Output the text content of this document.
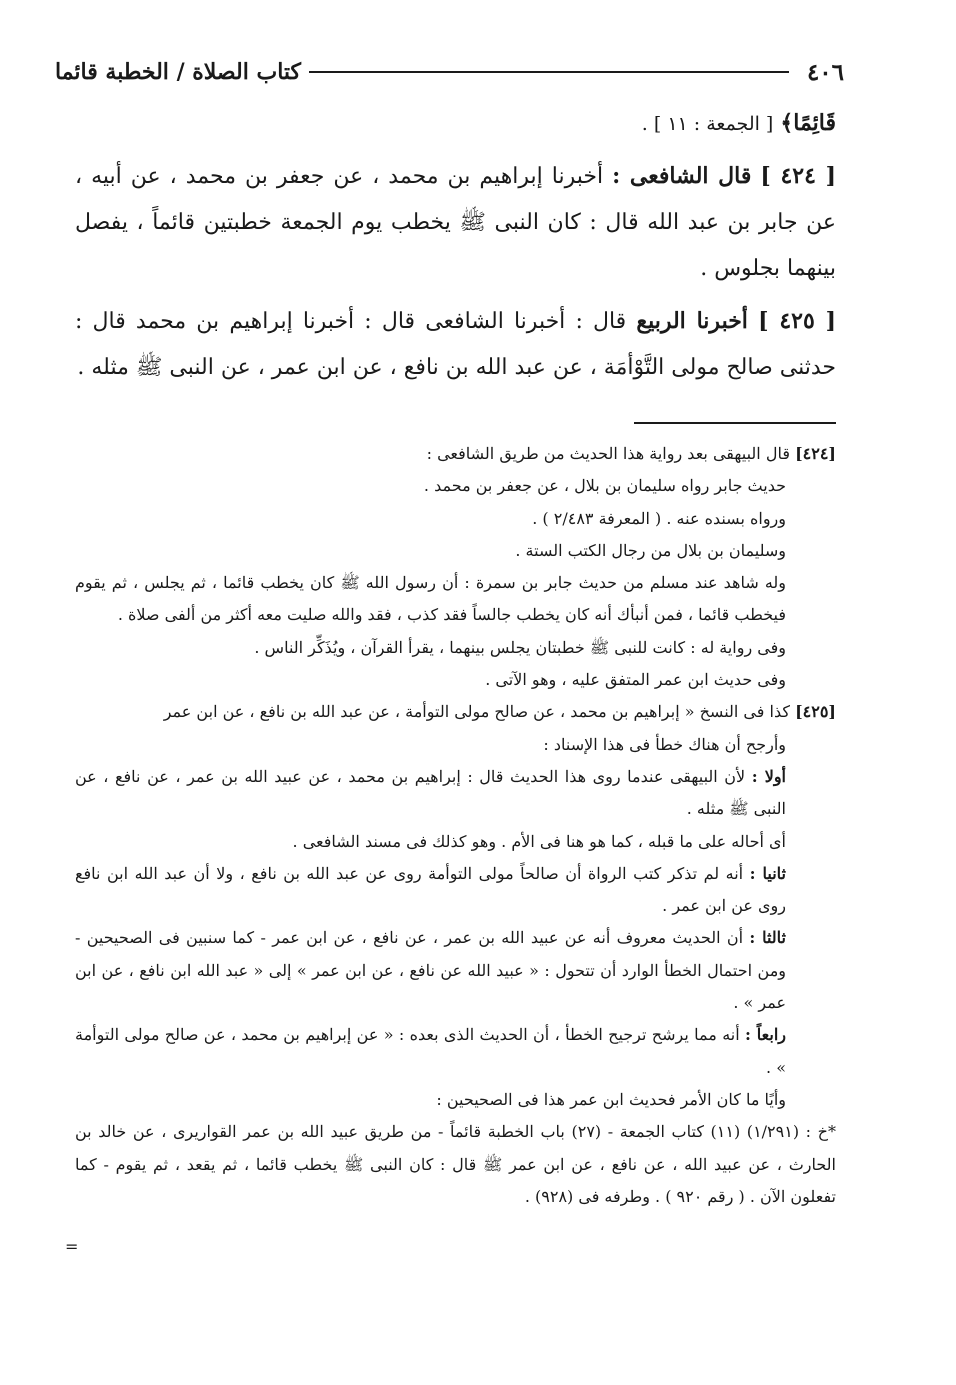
٤٠٦
كتاب الصلاة / الخطبة قائما

قَائِمًا﴾ [ الجمعة : ١١ ] .

[ ٤٢٤ ] قال الشافعى : أخبرنا إبراهيم بن محمد ، عن جعفر بن محمد ، عن أبيه ، عن جابر بن عبد الله قال : كان النبى ﷺ يخطب يوم الجمعة خطبتين قائماً ، يفصل بينهما بجلوس .

[ ٤٢٥ ] أخبرنا الربيع قال : أخبرنا الشافعى قال : أخبرنا إبراهيم بن محمد قال : حدثنى صالح مولى التَّوْأمَة ، عن عبد الله بن نافع ، عن ابن عمر ، عن النبى ﷺ مثله .

[٤٢٤] قال البيهقى بعد رواية هذا الحديث من طريق الشافعى :

حديث جابر رواه سليمان بن بلال ، عن جعفر بن محمد .

ورواه بسنده عنه . ( المعرفة ٢/٤٨٣ ) .

وسليمان بن بلال من رجال الكتب الستة .

وله شاهد عند مسلم من حديث جابر بن سمرة : أن رسول الله ﷺ كان يخطب قائما ، ثم يجلس ، ثم يقوم فيخطب قائما ، فمن أنبأك أنه كان يخطب جالساً فقد كذب ، فقد والله صليت معه أكثر من ألفى صلاة .

وفى رواية له : كانت للنبى ﷺ خطبتان يجلس بينهما ، يقرأ القرآن ، ويُذَكِّر الناس .

وفى حديث ابن عمر المتفق عليه ، وهو الآتى .

[٤٢٥] كذا فى النسخ « إبراهيم بن محمد ، عن صالح مولى التوأمة ، عن عبد الله بن نافع ، عن ابن عمر

وأرجح أن هناك خطأ فى هذا الإسناد :

أولا : لأن البيهقى عندما روى هذا الحديث قال : إبراهيم بن محمد ، عن عبيد الله بن عمر ، عن نافع ، عن النبى ﷺ مثله .

أى أحاله على ما قبله ، كما هو هنا فى الأم . وهو كذلك فى مسند الشافعى .

ثانيا : أنه لم تذكر كتب الرواة أن صالحاً مولى التوأمة روى عن عبد الله بن نافع ، ولا أن عبد الله ابن نافع روى عن ابن عمر .

ثالثا : أن الحديث معروف أنه عن عبيد الله بن عمر ، عن نافع ، عن ابن عمر - كما سنبين فى الصحيحين - ومن احتمال الخطأ الوارد أن تتحول : « عبيد الله عن نافع ، عن ابن عمر » إلى « عبد الله ابن نافع ، عن ابن عمر » .

رابعاً : أنه مما يرشح ترجيح الخطأ ، أن الحديث الذى بعده : « عن إبراهيم بن محمد ، عن صالح مولى التوأمة » .

وأيًا ما كان الأمر فحديث ابن عمر هذا فى الصحيحين :

*خ : (١/٢٩١) (١١) كتاب الجمعة - (٢٧) باب الخطبة قائماً - من طريق عبيد الله بن عمر القواريرى ، عن خالد بن الحارث ، عن عبيد الله ، عن نافع ، عن ابن عمر ﷺ قال : كان النبى ﷺ يخطب قائما ، ثم يقعد ، ثم يقوم - كما تفعلون الآن . ( رقم ٩٢٠ ) . وطرفه فى (٩٢٨) .

=
